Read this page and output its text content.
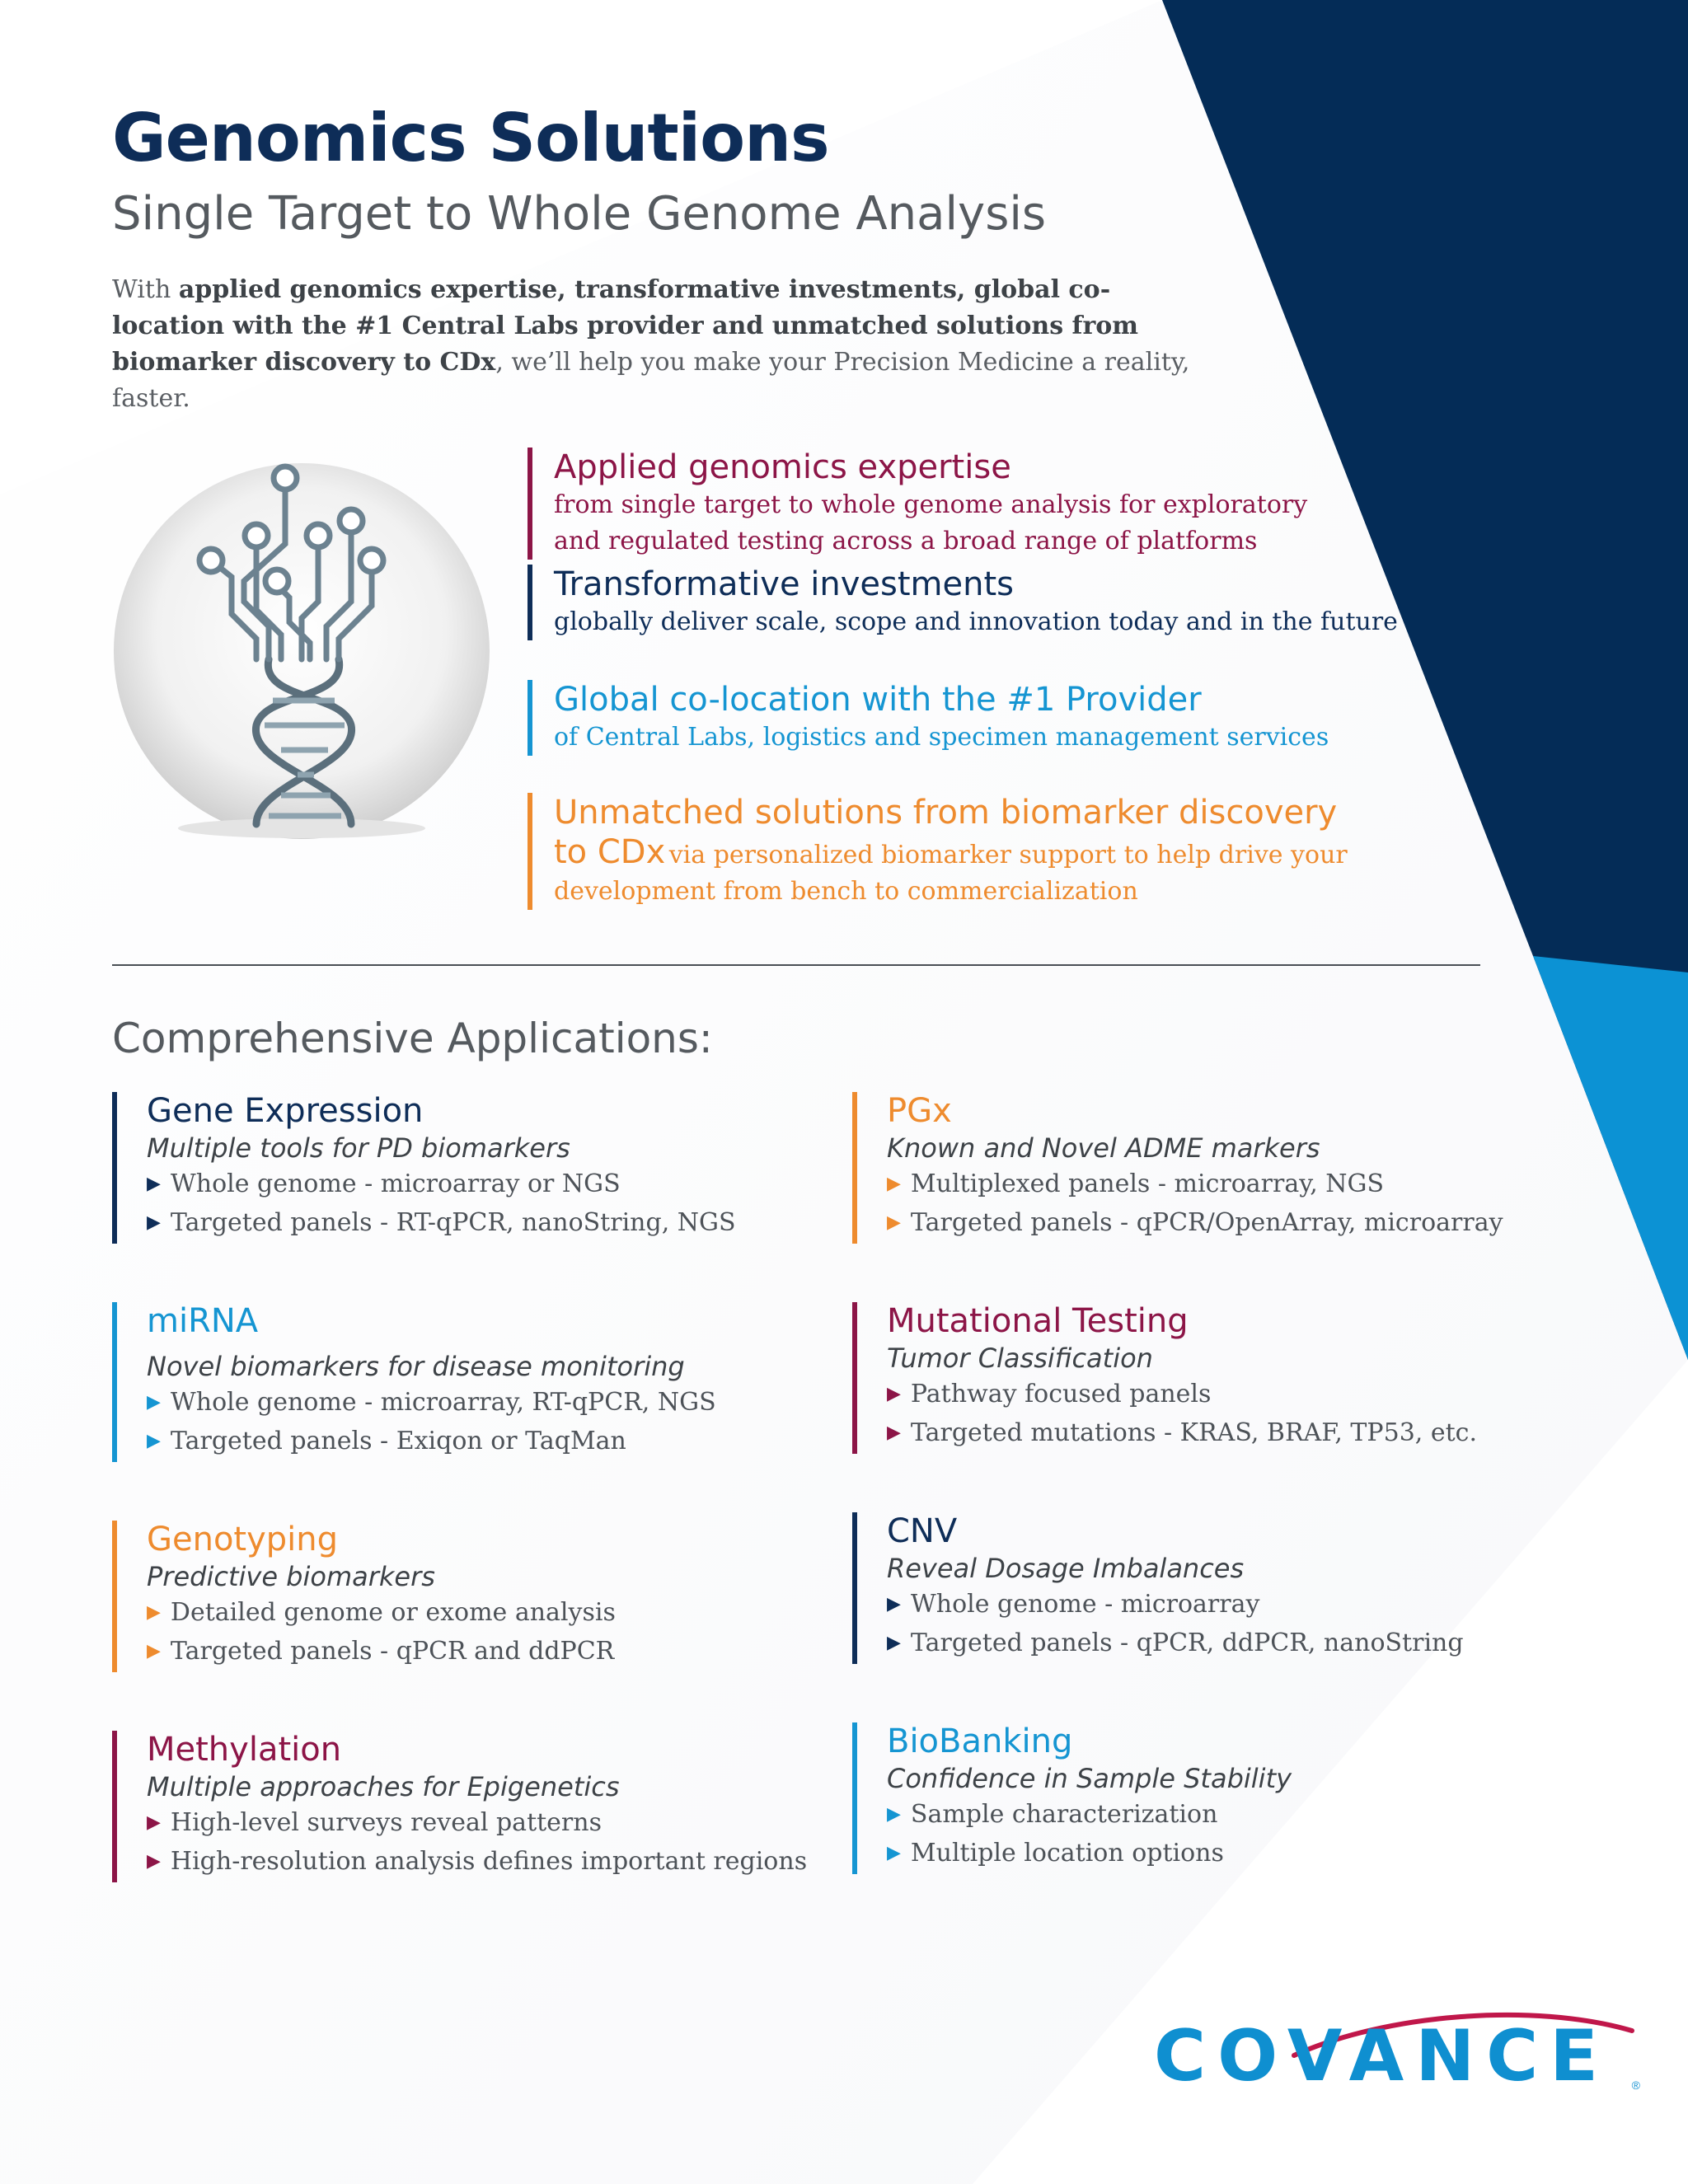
Genomics Solutions
Single Target to Whole Genome Analysis
With applied genomics expertise, transformative investments, global co-location with the #1 Central Labs provider and unmatched solutions from biomarker discovery to CDx, we’ll help you make your Precision Medicine a reality, faster.
Applied genomics expertise
from single target to whole genome analysis for exploratory
and regulated testing across a broad range of platforms
Transformative investments
globally deliver scale, scope and innovation today and in the future
Global co-location with the #1 Provider
of Central Labs, logistics and specimen management services
Unmatched solutions from biomarker discovery
to CDx via personalized biomarker support to help drive your
development from bench to commercialization
Comprehensive Applications:
Gene Expression
Multiple tools for PD biomarkers
▶ Whole genome - microarray or NGS
▶ Targeted panels - RT-qPCR, nanoString, NGS
miRNA
Novel biomarkers for disease monitoring
▶ Whole genome - microarray, RT-qPCR, NGS
▶ Targeted panels - Exiqon or TaqMan
Genotyping
Predictive biomarkers
▶ Detailed genome or exome analysis
▶ Targeted panels - qPCR and ddPCR
Methylation
Multiple approaches for Epigenetics
▶ High-level surveys reveal patterns
▶ High-resolution analysis defines important regions
PGx
Known and Novel ADME markers
▶ Multiplexed panels - microarray, NGS
▶ Targeted panels - qPCR/OpenArray, microarray
Mutational Testing
Tumor Classification
▶ Pathway focused panels
▶ Targeted mutations - KRAS, BRAF, TP53, etc.
CNV
Reveal Dosage Imbalances
▶ Whole genome - microarray
▶ Targeted panels - qPCR, ddPCR, nanoString
BioBanking
Confidence in Sample Stability
▶ Sample characterization
▶ Multiple location options
COVANCE ®
